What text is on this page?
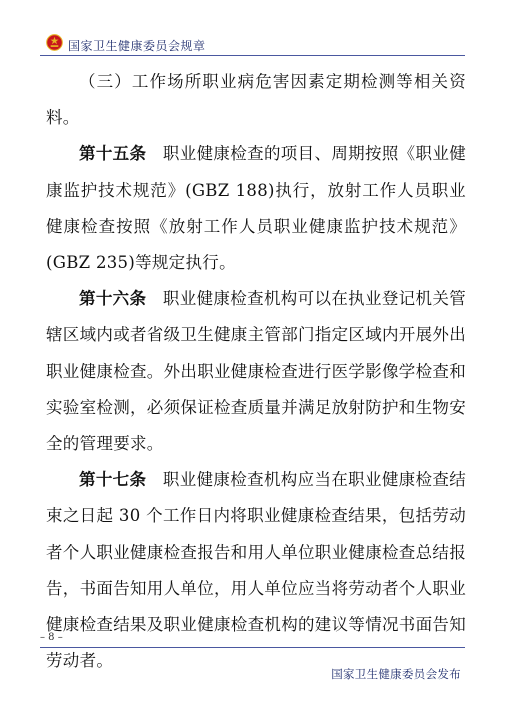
国家卫生健康委员会规章

（三）工作场所职业病危害因素定期检测等相关资料。

第十五条 职业健康检查的项目、周期按照《职业健康监护技术规范》(GBZ 188)执行，放射工作人员职业健康检查按照《放射工作人员职业健康监护技术规范》(GBZ 235)等规定执行。

第十六条 职业健康检查机构可以在执业登记机关管辖区域内或者省级卫生健康主管部门指定区域内开展外出职业健康检查。外出职业健康检查进行医学影像学检查和实验室检测，必须保证检查质量并满足放射防护和生物安全的管理要求。

第十七条 职业健康检查机构应当在职业健康检查结束之日起 30 个工作日内将职业健康检查结果，包括劳动者个人职业健康检查报告和用人单位职业健康检查总结报告，书面告知用人单位，用人单位应当将劳动者个人职业健康检查结果及职业健康检查机构的建议等情况书面告知劳动者。

– 8 –
国家卫生健康委员会发布
